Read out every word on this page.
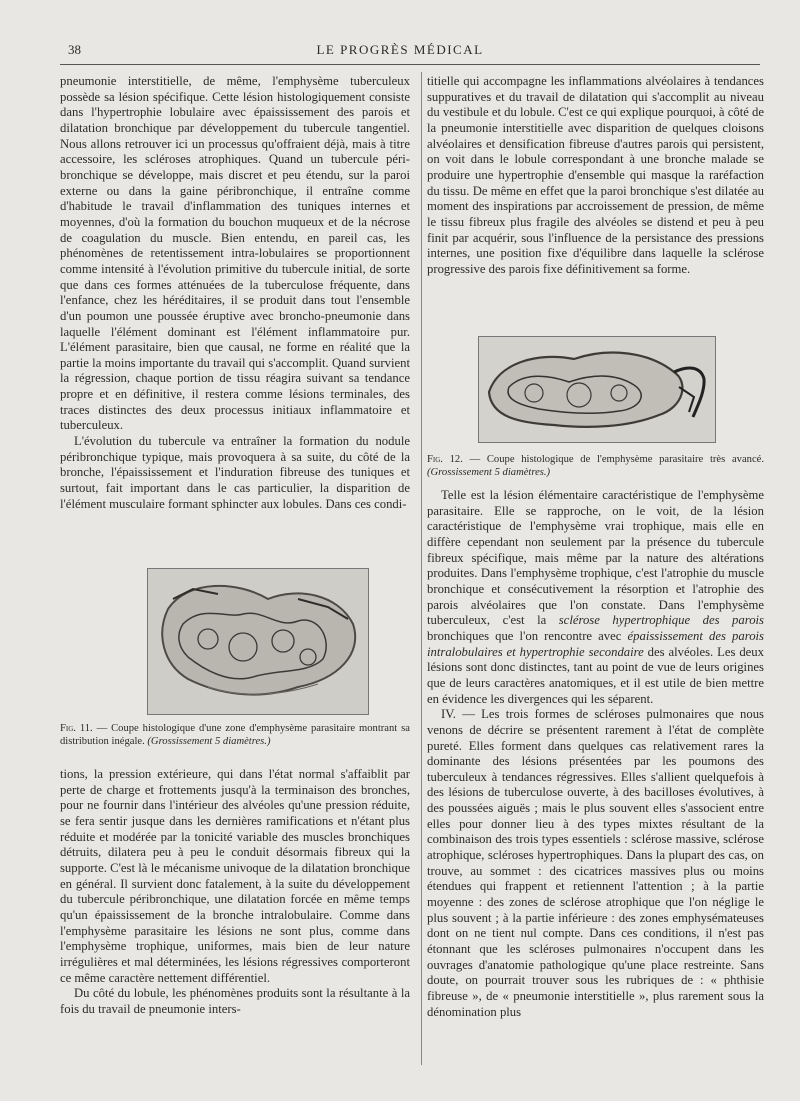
38	LE PROGRÈS MÉDICAL

pneumonie interstitielle, de même, l'emphysème tuberculeux possède sa lésion spécifique. Cette lésion histologiquement consiste dans l'hypertrophie lobulaire avec épaississement des parois et dilatation bronchique par développement du tubercule tangentiel. Nous allons retrouver ici un processus qu'offraient déjà, mais à titre accessoire, les scléroses atrophiques. Quand un tubercule péri-bronchique se développe, mais discret et peu étendu, sur la paroi externe ou dans la gaine péribronchique, il entraîne comme d'habitude le travail d'inflammation des tuniques internes et moyennes, d'où la formation du bouchon muqueux et de la nécrose de coagulation du muscle. Bien entendu, en pareil cas, les phénomènes de retentissement intra-lobulaires se proportionnent comme intensité à l'évolution primitive du tubercule initial, de sorte que dans ces formes atténuées de la tuberculose fréquente, dans l'enfance, chez les héréditaires, il se produit dans tout l'ensemble d'un poumon une poussée éruptive avec broncho-pneumonie dans laquelle l'élément dominant est l'élément inflammatoire pur. L'élément parasitaire, bien que causal, ne forme en réalité que la partie la moins importante du travail qui s'accomplit. Quand survient la régression, chaque portion de tissu réagira suivant sa tendance propre et en définitive, il restera comme lésions terminales, des traces distinctes des deux processus initiaux inflammatoire et tuberculeux.

L'évolution du tubercule va entraîner la formation du nodule péribronchique typique, mais provoquera à sa suite, du côté de la bronche, l'épaississement et l'induration fibreuse des tuniques et surtout, fait important dans le cas particulier, la disparition de l'élément musculaire formant sphincter aux lobules. Dans ces condi-

Fig. 11. — Coupe histologique d'une zone d'emphysème parasitaire montrant sa distribution inégale. (Grossissement 5 diamètres.)

tions, la pression extérieure, qui dans l'état normal s'affaiblit par perte de charge et frottements jusqu'à la terminaison des bronches, pour ne fournir dans l'intérieur des alvéoles qu'une pression réduite, se fera sentir jusque dans les dernières ramifications et n'étant plus réduite et modérée par la tonicité variable des muscles bronchiques détruits, dilatera peu à peu le conduit désormais fibreux qui la supporte. C'est là le mécanisme univoque de la dilatation bronchique en général. Il survient donc fatalement, à la suite du développement du tubercule péribronchique, une dilatation forcée en même temps qu'un épaississement de la bronche intralobulaire. Comme dans l'emphysème parasitaire les lésions ne sont plus, comme dans l'emphysème trophique, uniformes, mais bien de leur nature irrégulières et mal déterminées, les lésions régressives comporteront ce même caractère nettement différentiel.

Du côté du lobule, les phénomènes produits sont la résultante à la fois du travail de pneumonie inters-

titielle qui accompagne les inflammations alvéolaires à tendances suppuratives et du travail de dilatation qui s'accomplit au niveau du vestibule et du lobule. C'est ce qui explique pourquoi, à côté de la pneumonie interstitielle avec disparition de quelques cloisons alvéolaires et densification fibreuse d'autres parois qui persistent, on voit dans le lobule correspondant à une bronche malade se produire une hypertrophie d'ensemble qui masque la raréfaction du tissu. De même en effet que la paroi bronchique s'est dilatée au moment des inspirations par accroissement de pression, de même le tissu fibreux plus fragile des alvéoles se distend et peu à peu finit par acquérir, sous l'influence de la persistance des pressions internes, une position fixe d'équilibre dans laquelle la sclérose progressive des parois fixe définitivement sa forme.

Fig. 12. — Coupe histologique de l'emphysème parasitaire très avancé. (Grossissement 5 diamètres.)

Telle est la lésion élémentaire caractéristique de l'emphysème parasitaire. Elle se rapproche, on le voit, de la lésion caractéristique de l'emphysème vrai trophique, mais elle en diffère cependant non seulement par la présence du tubercule fibreux spécifique, mais même par la nature des altérations produites. Dans l'emphysème trophique, c'est l'atrophie du muscle bronchique et consécutivement la résorption et l'atrophie des parois alvéolaires que l'on constate. Dans l'emphysème tuberculeux, c'est la sclérose hypertrophique des parois bronchiques que l'on rencontre avec épaississement des parois intralobulaires et hypertrophie secondaire des alvéoles. Les deux lésions sont donc distinctes, tant au point de vue de leurs origines que de leurs caractères anatomiques, et il est utile de bien mettre en évidence les divergences qui les séparent.

IV. — Les trois formes de scléroses pulmonaires que nous venons de décrire se présentent rarement à l'état de complète pureté. Elles forment dans quelques cas relativement rares la dominante des lésions présentées par les poumons des tuberculeux à tendances régressives. Elles s'allient quelquefois à des lésions de tuberculose ouverte, à des bacilloses évolutives, à des poussées aiguës ; mais le plus souvent elles s'associent entre elles pour donner lieu à des types mixtes résultant de la combinaison des trois types essentiels : sclérose massive, sclérose atrophique, scléroses hypertrophiques. Dans la plupart des cas, on trouve, au sommet : des cicatrices massives plus ou moins étendues qui frappent et retiennent l'attention ; à la partie moyenne : des zones de sclérose atrophique que l'on néglige le plus souvent ; à la partie inférieure : des zones emphysémateuses dont on ne tient nul compte. Dans ces conditions, il n'est pas étonnant que les scléroses pulmonaires n'occupent dans les ouvrages d'anatomie pathologique qu'une place restreinte. Sans doute, on pourrait trouver sous les rubriques de : « phthisie fibreuse », de « pneumonie interstitielle », plus rarement sous la dénomination plus
